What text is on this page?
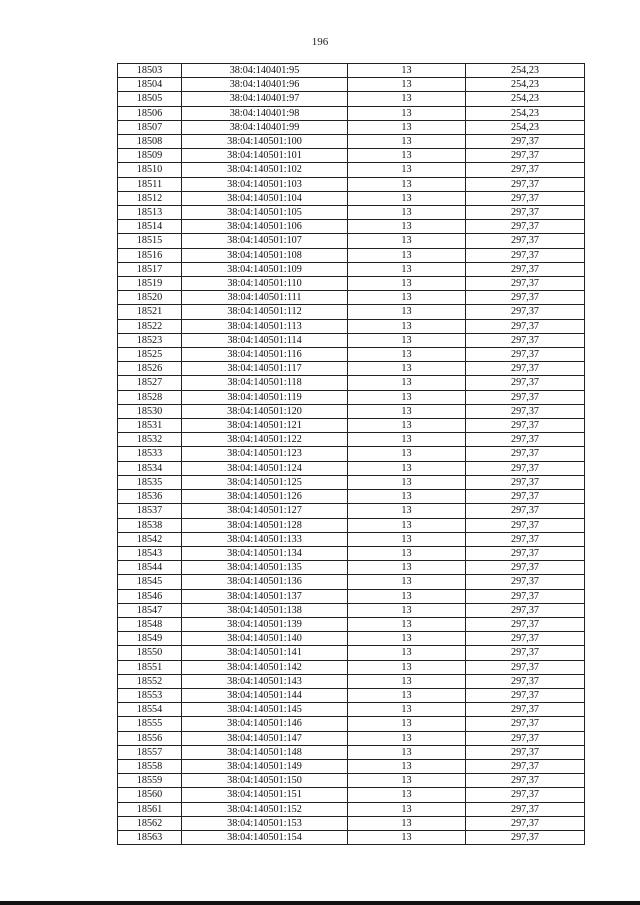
196
18503	38:04:140401:95	13	254,23
18504	38:04:140401:96	13	254,23
18505	38:04:140401:97	13	254,23
18506	38:04:140401:98	13	254,23
18507	38:04:140401:99	13	254,23
18508	38:04:140501:100	13	297,37
18509	38:04:140501:101	13	297,37
18510	38:04:140501:102	13	297,37
18511	38:04:140501:103	13	297,37
18512	38:04:140501:104	13	297,37
18513	38:04:140501:105	13	297,37
18514	38:04:140501:106	13	297,37
18515	38:04:140501:107	13	297,37
18516	38:04:140501:108	13	297,37
18517	38:04:140501:109	13	297,37
18519	38:04:140501:110	13	297,37
18520	38:04:140501:111	13	297,37
18521	38:04:140501:112	13	297,37
18522	38:04:140501:113	13	297,37
18523	38:04:140501:114	13	297,37
18525	38:04:140501:116	13	297,37
18526	38:04:140501:117	13	297,37
18527	38:04:140501:118	13	297,37
18528	38:04:140501:119	13	297,37
18530	38:04:140501:120	13	297,37
18531	38:04:140501:121	13	297,37
18532	38:04:140501:122	13	297,37
18533	38:04:140501:123	13	297,37
18534	38:04:140501:124	13	297,37
18535	38:04:140501:125	13	297,37
18536	38:04:140501:126	13	297,37
18537	38:04:140501:127	13	297,37
18538	38:04:140501:128	13	297,37
18542	38:04:140501:133	13	297,37
18543	38:04:140501:134	13	297,37
18544	38:04:140501:135	13	297,37
18545	38:04:140501:136	13	297,37
18546	38:04:140501:137	13	297,37
18547	38:04:140501:138	13	297,37
18548	38:04:140501:139	13	297,37
18549	38:04:140501:140	13	297,37
18550	38:04:140501:141	13	297,37
18551	38:04:140501:142	13	297,37
18552	38:04:140501:143	13	297,37
18553	38:04:140501:144	13	297,37
18554	38:04:140501:145	13	297,37
18555	38:04:140501:146	13	297,37
18556	38:04:140501:147	13	297,37
18557	38:04:140501:148	13	297,37
18558	38:04:140501:149	13	297,37
18559	38:04:140501:150	13	297,37
18560	38:04:140501:151	13	297,37
18561	38:04:140501:152	13	297,37
18562	38:04:140501:153	13	297,37
18563	38:04:140501:154	13	297,37
